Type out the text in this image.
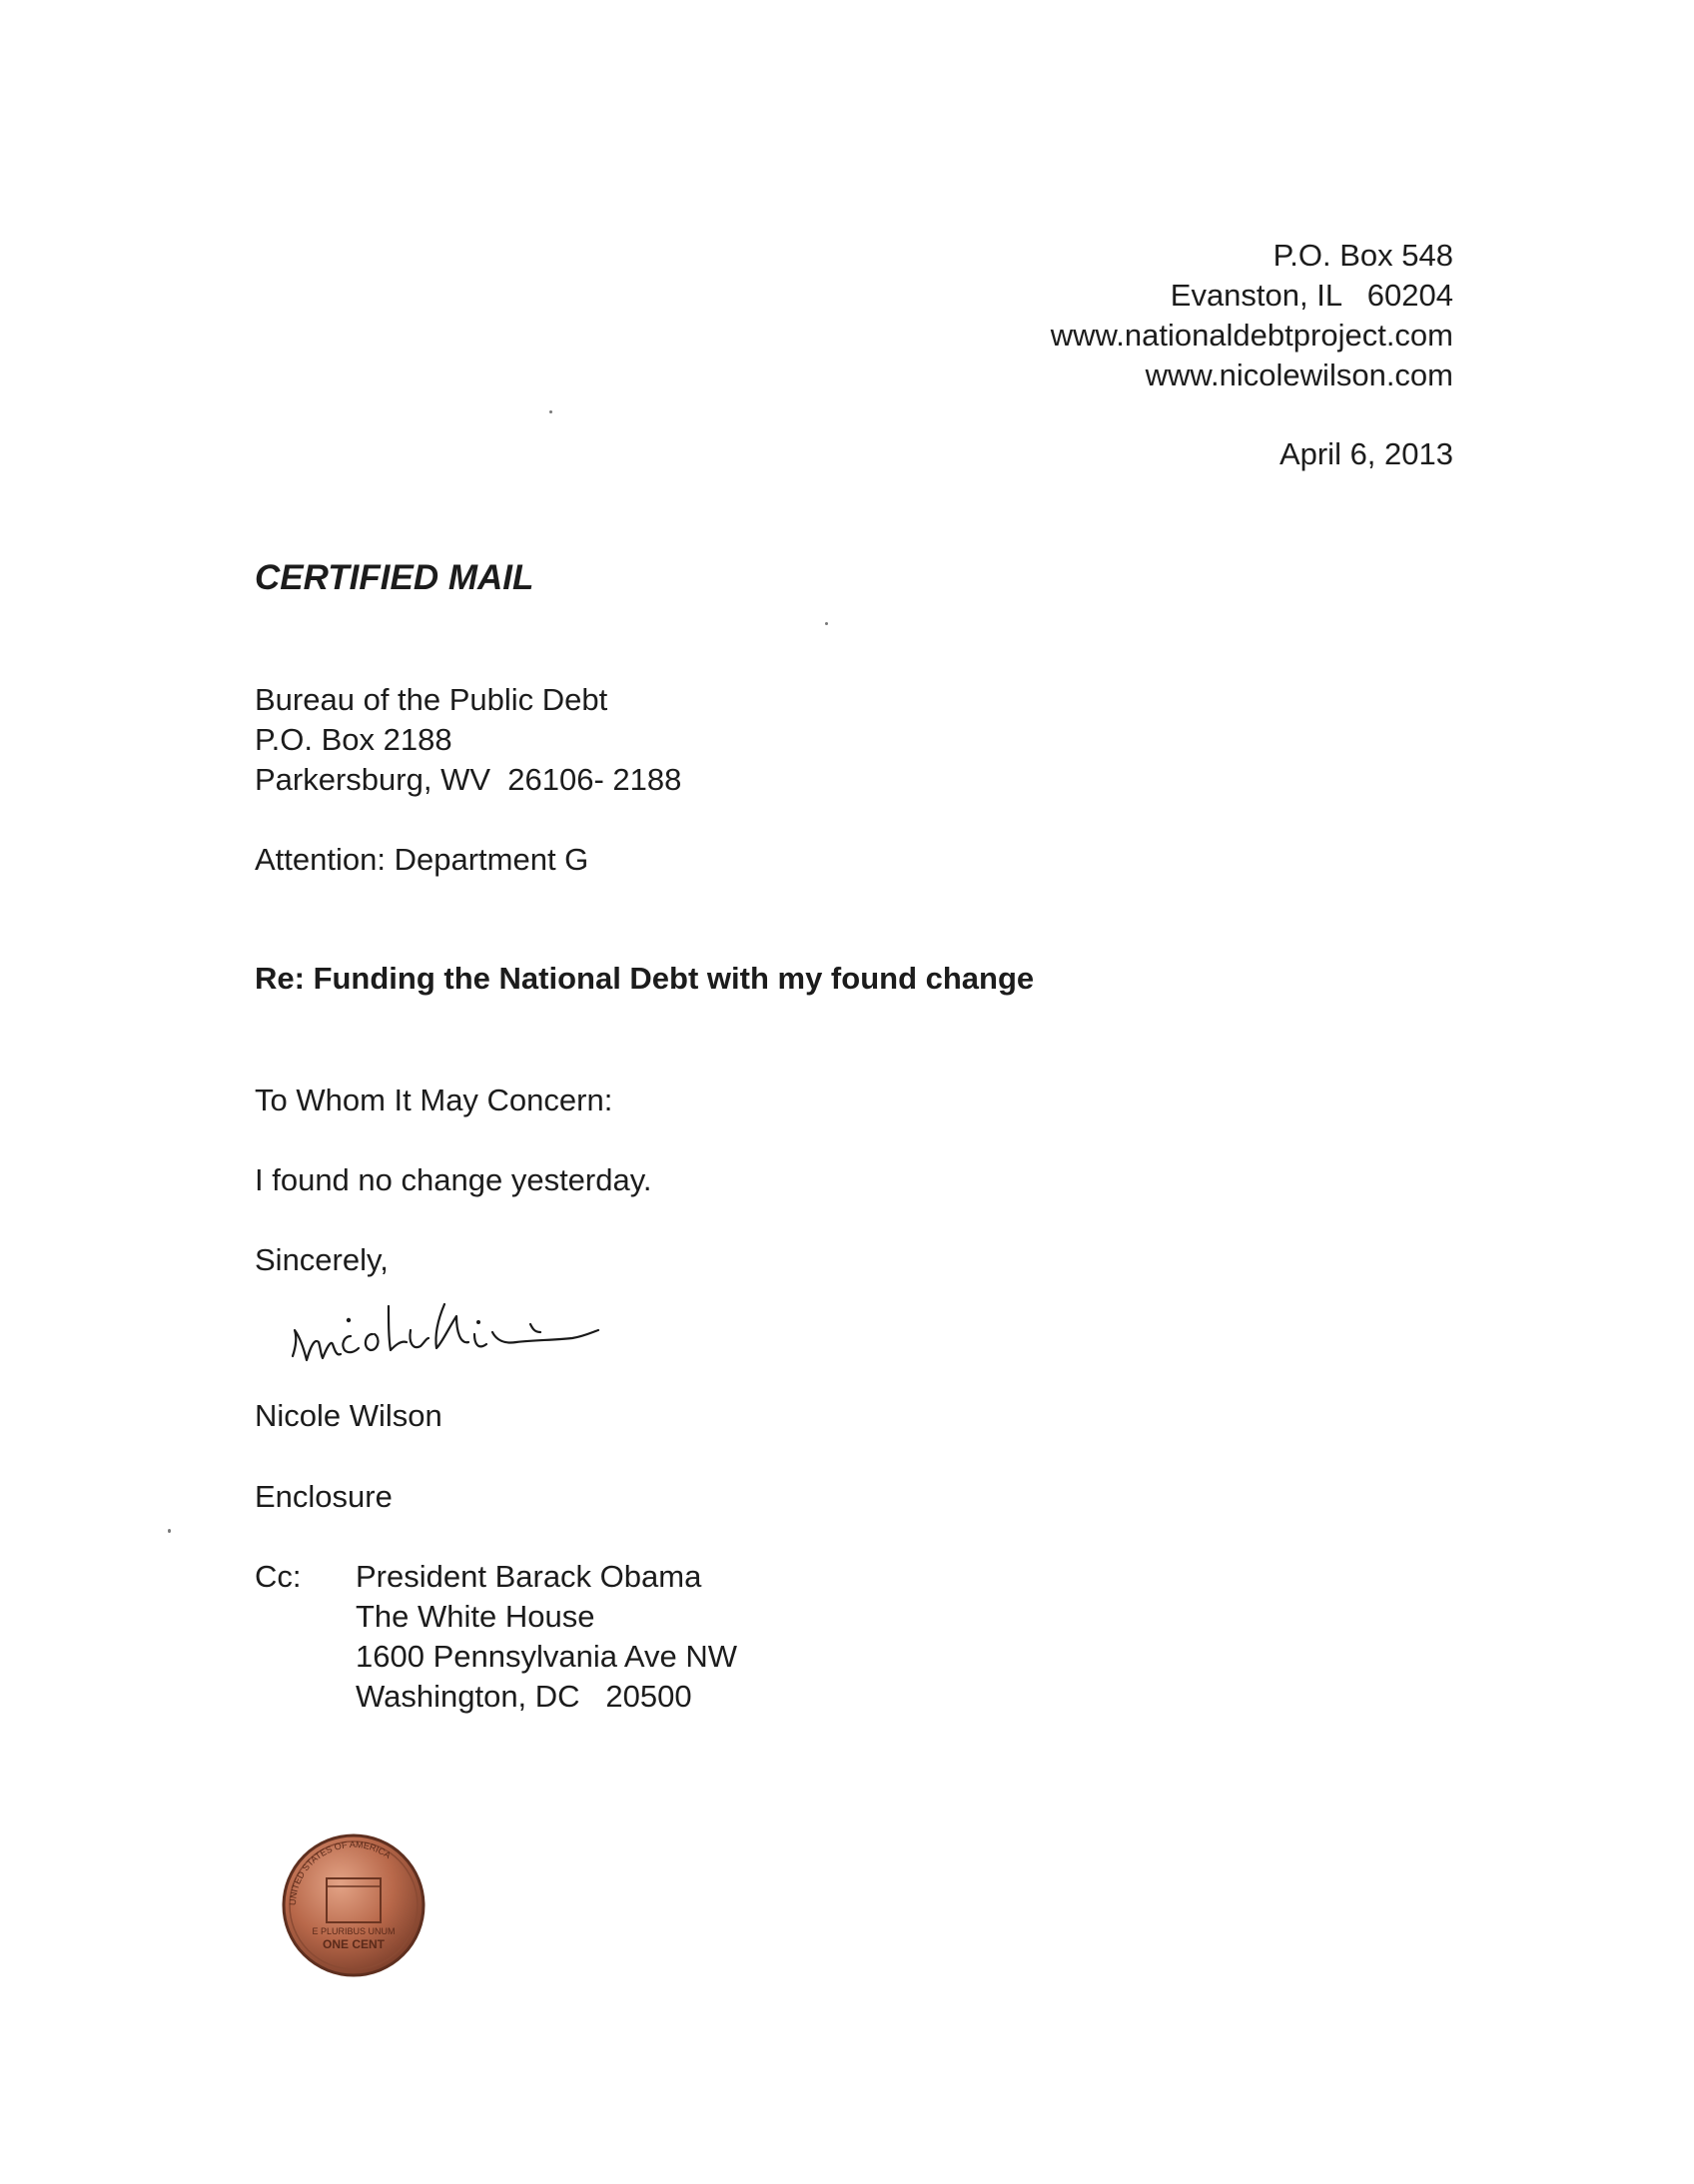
P.O. Box 548
Evanston, IL   60204
www.nationaldebtproject.com
www.nicolewilson.com
April 6, 2013
CERTIFIED MAIL
Bureau of the Public Debt
P.O. Box 2188
Parkersburg, WV  26106- 2188
Attention: Department G
Re: Funding the National Debt with my found change
To Whom It May Concern:
I found no change yesterday.
Sincerely,
Nicole Wilson
Enclosure
Cc: President Barack Obama
The White House
1600 Pennsylvania Ave NW
Washington, DC   20500
UNITED STATES OF AMERICA
E PLURIBUS UNUM
ONE CENT
